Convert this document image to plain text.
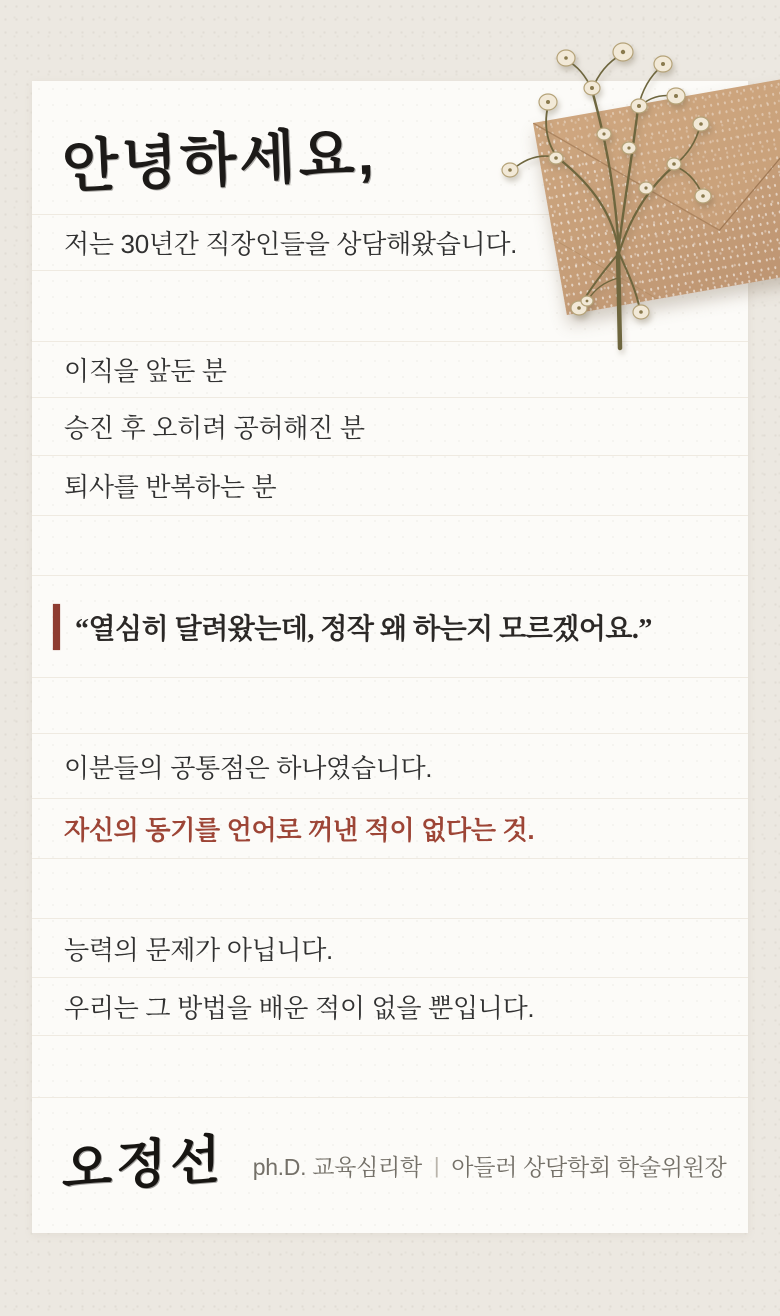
안녕하세요,
저는 30년간 직장인들을 상담해왔습니다.
이직을 앞둔 분
승진 후 오히려 공허해진 분
퇴사를 반복하는 분
“열심히 달려왔는데, 정작 왜 하는지 모르겠어요.”
이분들의 공통점은 하나였습니다.
자신의 동기를 언어로 꺼낸 적이 없다는 것.
능력의 문제가 아닙니다.
우리는 그 방법을 배운 적이 없을 뿐입니다.
오정선 ph.D. 교육심리학 | 아들러 상담학회 학술위원장
